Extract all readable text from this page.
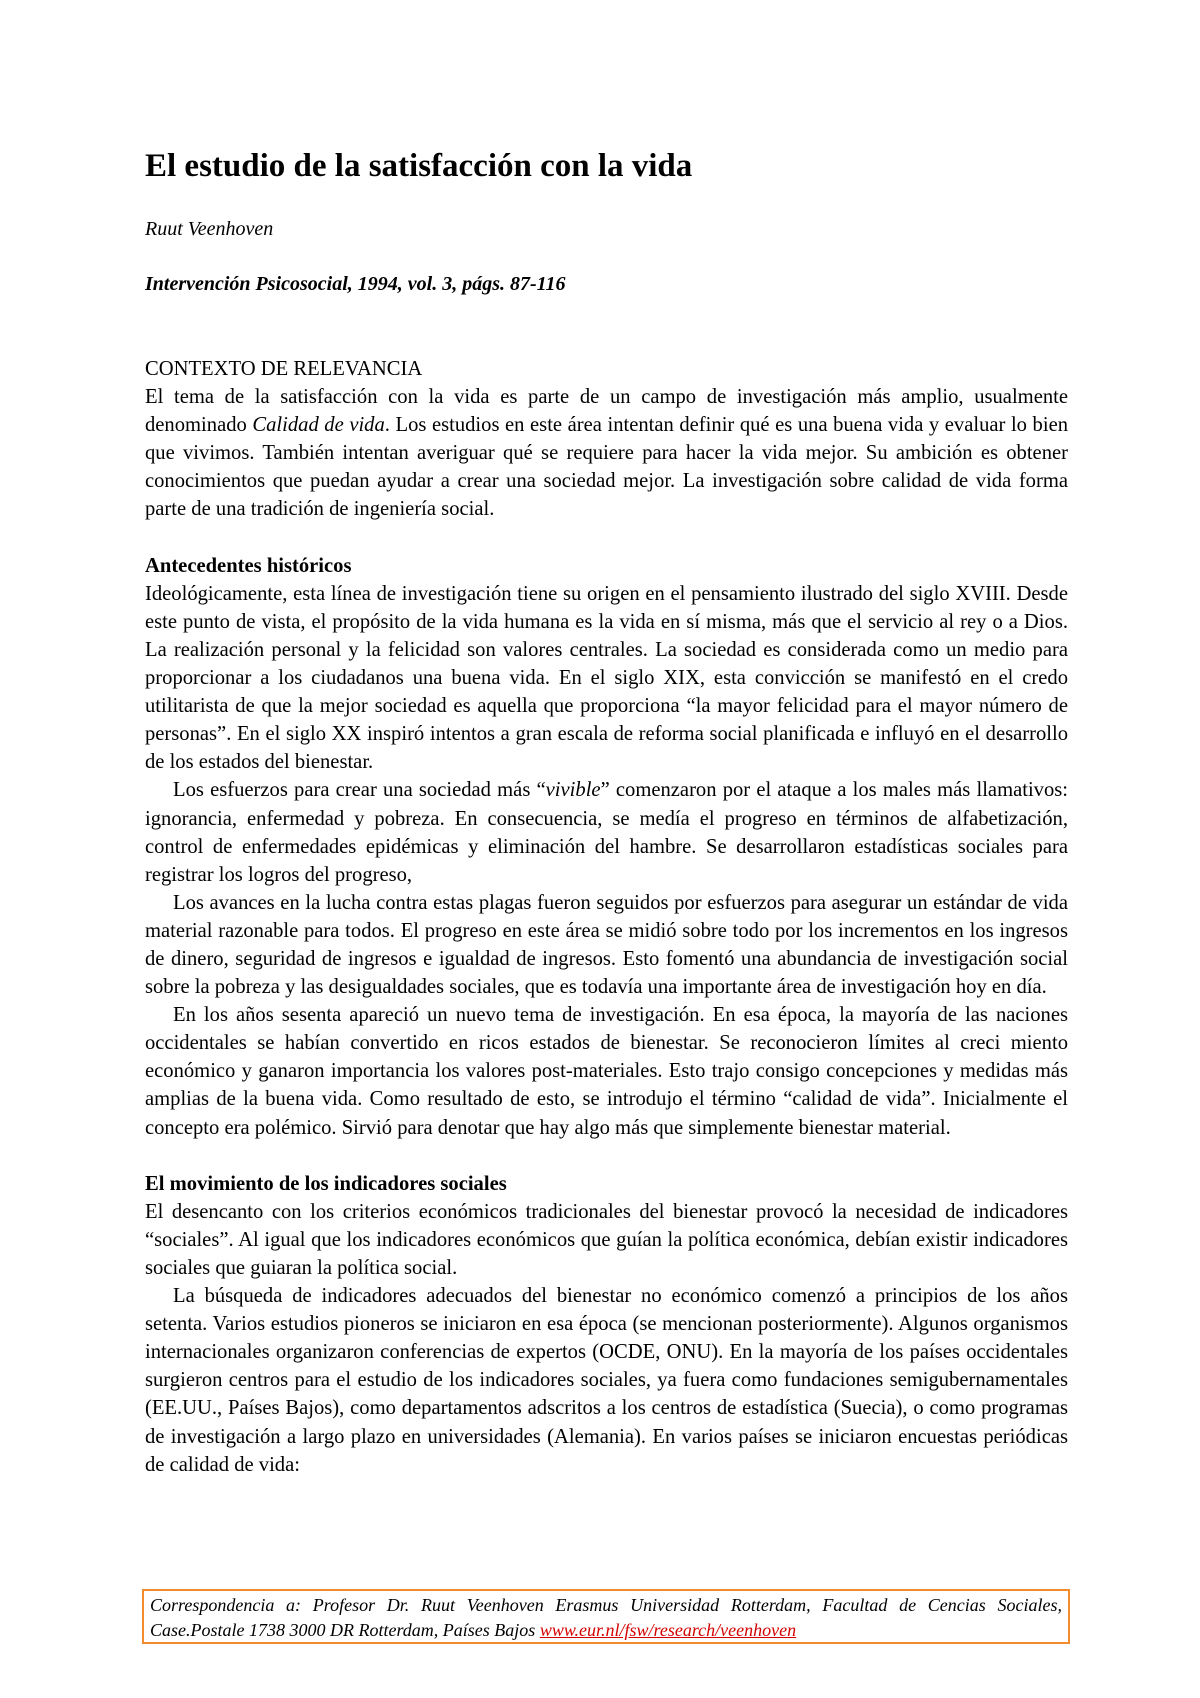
El estudio de la satisfacción con la vida
Ruut Veenhoven
Intervención Psicosocial, 1994, vol. 3, págs. 87-116
CONTEXTO DE RELEVANCIA

El tema de la satisfacción con la vida es parte de un campo de investigación más amplio, usualmente denominado Calidad de vida. Los estudios en este área intentan definir qué es una buena vida y evaluar lo bien que vivimos. También intentan averiguar qué se requiere para hacer la vida mejor. Su ambición es obtener conocimientos que puedan ayudar a crear una sociedad mejor. La investigación sobre calidad de vida forma parte de una tradición de ingeniería social.

Antecedentes históricos

Ideológicamente, esta línea de investigación tiene su origen en el pensamiento ilustrado del siglo XVIII. Desde este punto de vista, el propósito de la vida humana es la vida en sí misma, más que el servicio al rey o a Dios. La realización personal y la felicidad son valores centrales. La sociedad es considerada como un medio para proporcionar a los ciudadanos una buena vida. En el siglo XIX, esta convicción se manifestó en el credo utilitarista de que la mejor sociedad es aquella que proporciona “la mayor felicidad para el mayor número de personas”. En el siglo XX inspiró intentos a gran escala de reforma social planificada e influyó en el desarrollo de los estados del bienestar.

Los esfuerzos para crear una sociedad más “vivible” comenzaron por el ataque a los males más llamativos: ignorancia, enfermedad y pobreza. En consecuencia, se medía el progreso en términos de alfabetización, control de enfermedades epidémicas y eliminación del hambre. Se desarrollaron estadísticas sociales para registrar los logros del progreso,

Los avances en la lucha contra estas plagas fueron seguidos por esfuerzos para asegurar un estándar de vida material razonable para todos. El progreso en este área se midió sobre todo por los incrementos en los ingresos de dinero, seguridad de ingresos e igualdad de ingresos. Esto fomentó una abundancia de investigación social sobre la pobreza y las desigualdades sociales, que es todavía una importante área de investigación hoy en día.

En los años sesenta apareció un nuevo tema de investigación. En esa época, la mayoría de las naciones occidentales se habían convertido en ricos estados de bienestar. Se reconocieron límites al creci miento económico y ganaron importancia los valores post-materiales. Esto trajo consigo concepciones y medidas más amplias de la buena vida. Como resultado de esto, se introdujo el término “calidad de vida”. Inicialmente el concepto era polémico. Sirvió para denotar que hay algo más que simplemente bienestar material.

El movimiento de los indicadores sociales

El desencanto con los criterios económicos tradicionales del bienestar provocó la necesidad de indicadores “sociales”. Al igual que los indicadores económicos que guían la política económica, debían existir indicadores sociales que guiaran la política social.

La búsqueda de indicadores adecuados del bienestar no económico comenzó a principios de los años setenta. Varios estudios pioneros se iniciaron en esa época (se mencionan posteriormente). Algunos organismos internacionales organizaron conferencias de expertos (OCDE, ONU). En la mayoría de los países occidentales surgieron centros para el estudio de los indicadores sociales, ya fuera como fundaciones semigubernamentales (EE.UU., Países Bajos), como departamentos adscritos a los centros de estadística (Suecia), o como programas de investigación a largo plazo en universidades (Alemania). En varios países se iniciaron encuestas periódicas de calidad de vida:

Correspondencia a: Profesor Dr. Ruut Veenhoven Erasmus Universidad Rotterdam, Facultad de Cencias Sociales, Case.Postale 1738 3000 DR Rotterdam, Países Bajos www.eur.nl/fsw/research/veenhoven
